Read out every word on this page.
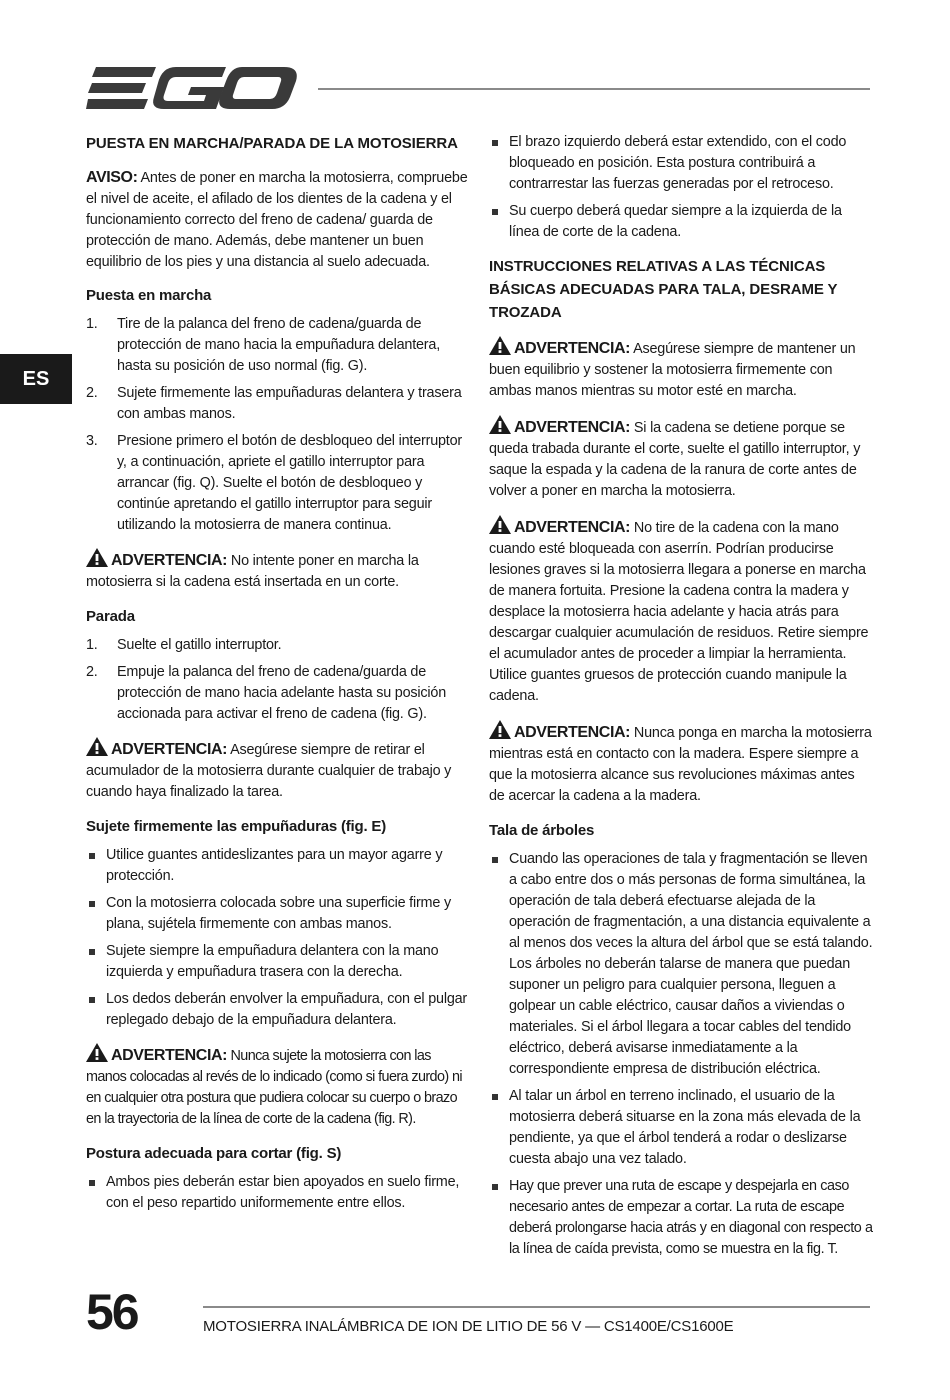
ES
PUESTA EN MARCHA/PARADA DE LA MOTOSIERRA

AVISO: Antes de poner en marcha la motosierra, compruebe el nivel de aceite, el afilado de los dientes de la cadena y el funcionamiento correcto del freno de cadena/ guarda de protección de mano. Además, debe mantener un buen equilibrio de los pies y una distancia al suelo adecuada.

Puesta en marcha
1. Tire de la palanca del freno de cadena/guarda de protección de mano hacia la empuñadura delantera, hasta su posición de uso normal (fig. G).
2. Sujete firmemente las empuñaduras delantera y trasera con ambas manos.
3. Presione primero el botón de desbloqueo del interruptor y, a continuación, apriete el gatillo interruptor para arrancar (fig. Q). Suelte el botón de desbloqueo y continúe apretando el gatillo interruptor para seguir utilizando la motosierra de manera continua.

ADVERTENCIA: No intente poner en marcha la motosierra si la cadena está insertada en un corte.

Parada
1. Suelte el gatillo interruptor.
2. Empuje la palanca del freno de cadena/guarda de protección de mano hacia adelante hasta su posición accionada para activar el freno de cadena (fig. G).

ADVERTENCIA: Asegúrese siempre de retirar el acumulador de la motosierra durante cualquier de trabajo y cuando haya finalizado la tarea.

Sujete firmemente las empuñaduras (fig. E)
Utilice guantes antideslizantes para un mayor agarre y protección.
Con la motosierra colocada sobre una superficie firme y plana, sujétela firmemente con ambas manos.
Sujete siempre la empuñadura delantera con la mano izquierda y empuñadura trasera con la derecha.
Los dedos deberán envolver la empuñadura, con el pulgar replegado debajo de la empuñadura delantera.

ADVERTENCIA: Nunca sujete la motosierra con las manos colocadas al revés de lo indicado (como si fuera zurdo) ni en cualquier otra postura que pudiera colocar su cuerpo o brazo en la trayectoria de la línea de corte de la cadena (fig. R).

Postura adecuada para cortar (fig. S)
Ambos pies deberán estar bien apoyados en suelo firme, con el peso repartido uniformemente entre ellos.
El brazo izquierdo deberá estar extendido, con el codo bloqueado en posición. Esta postura contribuirá a contrarrestar las fuerzas generadas por el retroceso.
Su cuerpo deberá quedar siempre a la izquierda de la línea de corte de la cadena.
INSTRUCCIONES RELATIVAS A LAS TÉCNICAS BÁSICAS ADECUADAS PARA TALA, DESRAME Y TROZADA

ADVERTENCIA: Asegúrese siempre de mantener un buen equilibrio y sostener la motosierra firmemente con ambas manos mientras su motor esté en marcha.

ADVERTENCIA: Si la cadena se detiene porque se queda trabada durante el corte, suelte el gatillo interruptor, y saque la espada y la cadena de la ranura de corte antes de volver a poner en marcha la motosierra.

ADVERTENCIA: No tire de la cadena con la mano cuando esté bloqueada con aserrín. Podrían producirse lesiones graves si la motosierra llegara a ponerse en marcha de manera fortuita. Presione la cadena contra la madera y desplace la motosierra hacia adelante y hacia atrás para descargar cualquier acumulación de residuos. Retire siempre el acumulador antes de proceder a limpiar la herramienta. Utilice guantes gruesos de protección cuando manipule la cadena.

ADVERTENCIA: Nunca ponga en marcha la motosierra mientras está en contacto con la madera. Espere siempre a que la motosierra alcance sus revoluciones máximas antes de acercar la cadena a la madera.

Tala de árboles
Cuando las operaciones de tala y fragmentación se lleven a cabo entre dos o más personas de forma simultánea, la operación de tala deberá efectuarse alejada de la operación de fragmentación, a una distancia equivalente a al menos dos veces la altura del árbol que se está talando. Los árboles no deberán talarse de manera que puedan suponer un peligro para cualquier persona, lleguen a golpear un cable eléctrico, causar daños a viviendas o materiales. Si el árbol llegara a tocar cables del tendido eléctrico, deberá avisarse inmediatamente a la correspondiente empresa de distribución eléctrica.
Al talar un árbol en terreno inclinado, el usuario de la motosierra deberá situarse en la zona más elevada de la pendiente, ya que el árbol tenderá a rodar o deslizarse cuesta abajo una vez talado.
Hay que prever una ruta de escape y despejarla en caso necesario antes de empezar a cortar. La ruta de escape deberá prolongarse hacia atrás y en diagonal con respecto a la línea de caída prevista, como se muestra en la fig. T.
56	MOTOSIERRA INALÁMBRICA DE ION DE LITIO DE 56 V — CS1400E/CS1600E
